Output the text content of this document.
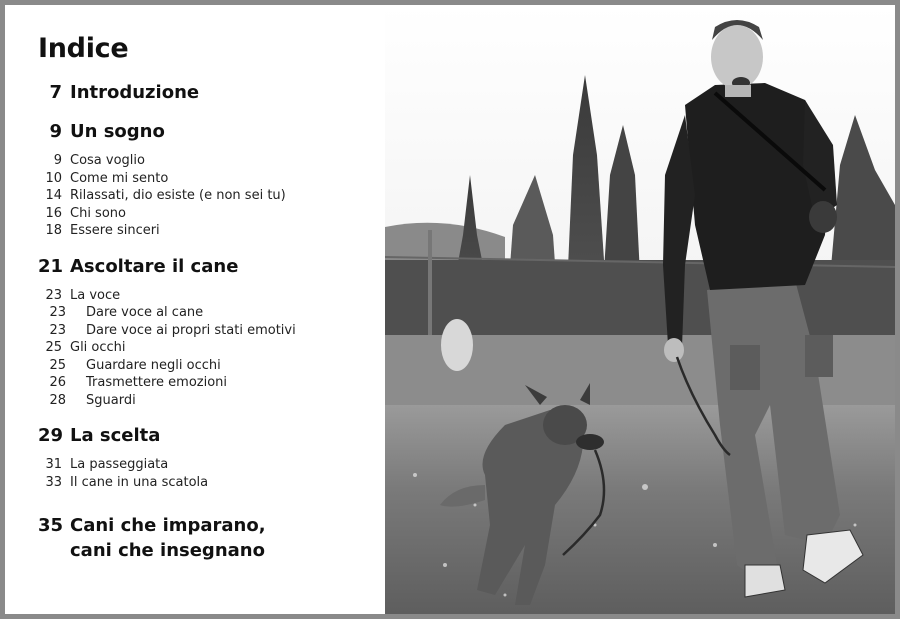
Indice
7 Introduzione
9 Un sogno
9 Cosa voglio
10 Come mi sento
14 Rilassati, dio esiste (e non sei tu)
16 Chi sono
18 Essere sinceri
21 Ascoltare il cane
23 La voce
23 Dare voce al cane
23 Dare voce ai propri stati emotivi
25 Gli occhi
25 Guardare negli occhi
26 Trasmettere emozioni
28 Sguardi
29 La scelta
31 La passeggiata
33 Il cane in una scatola
35 Cani che imparano,
cani che insegnano
